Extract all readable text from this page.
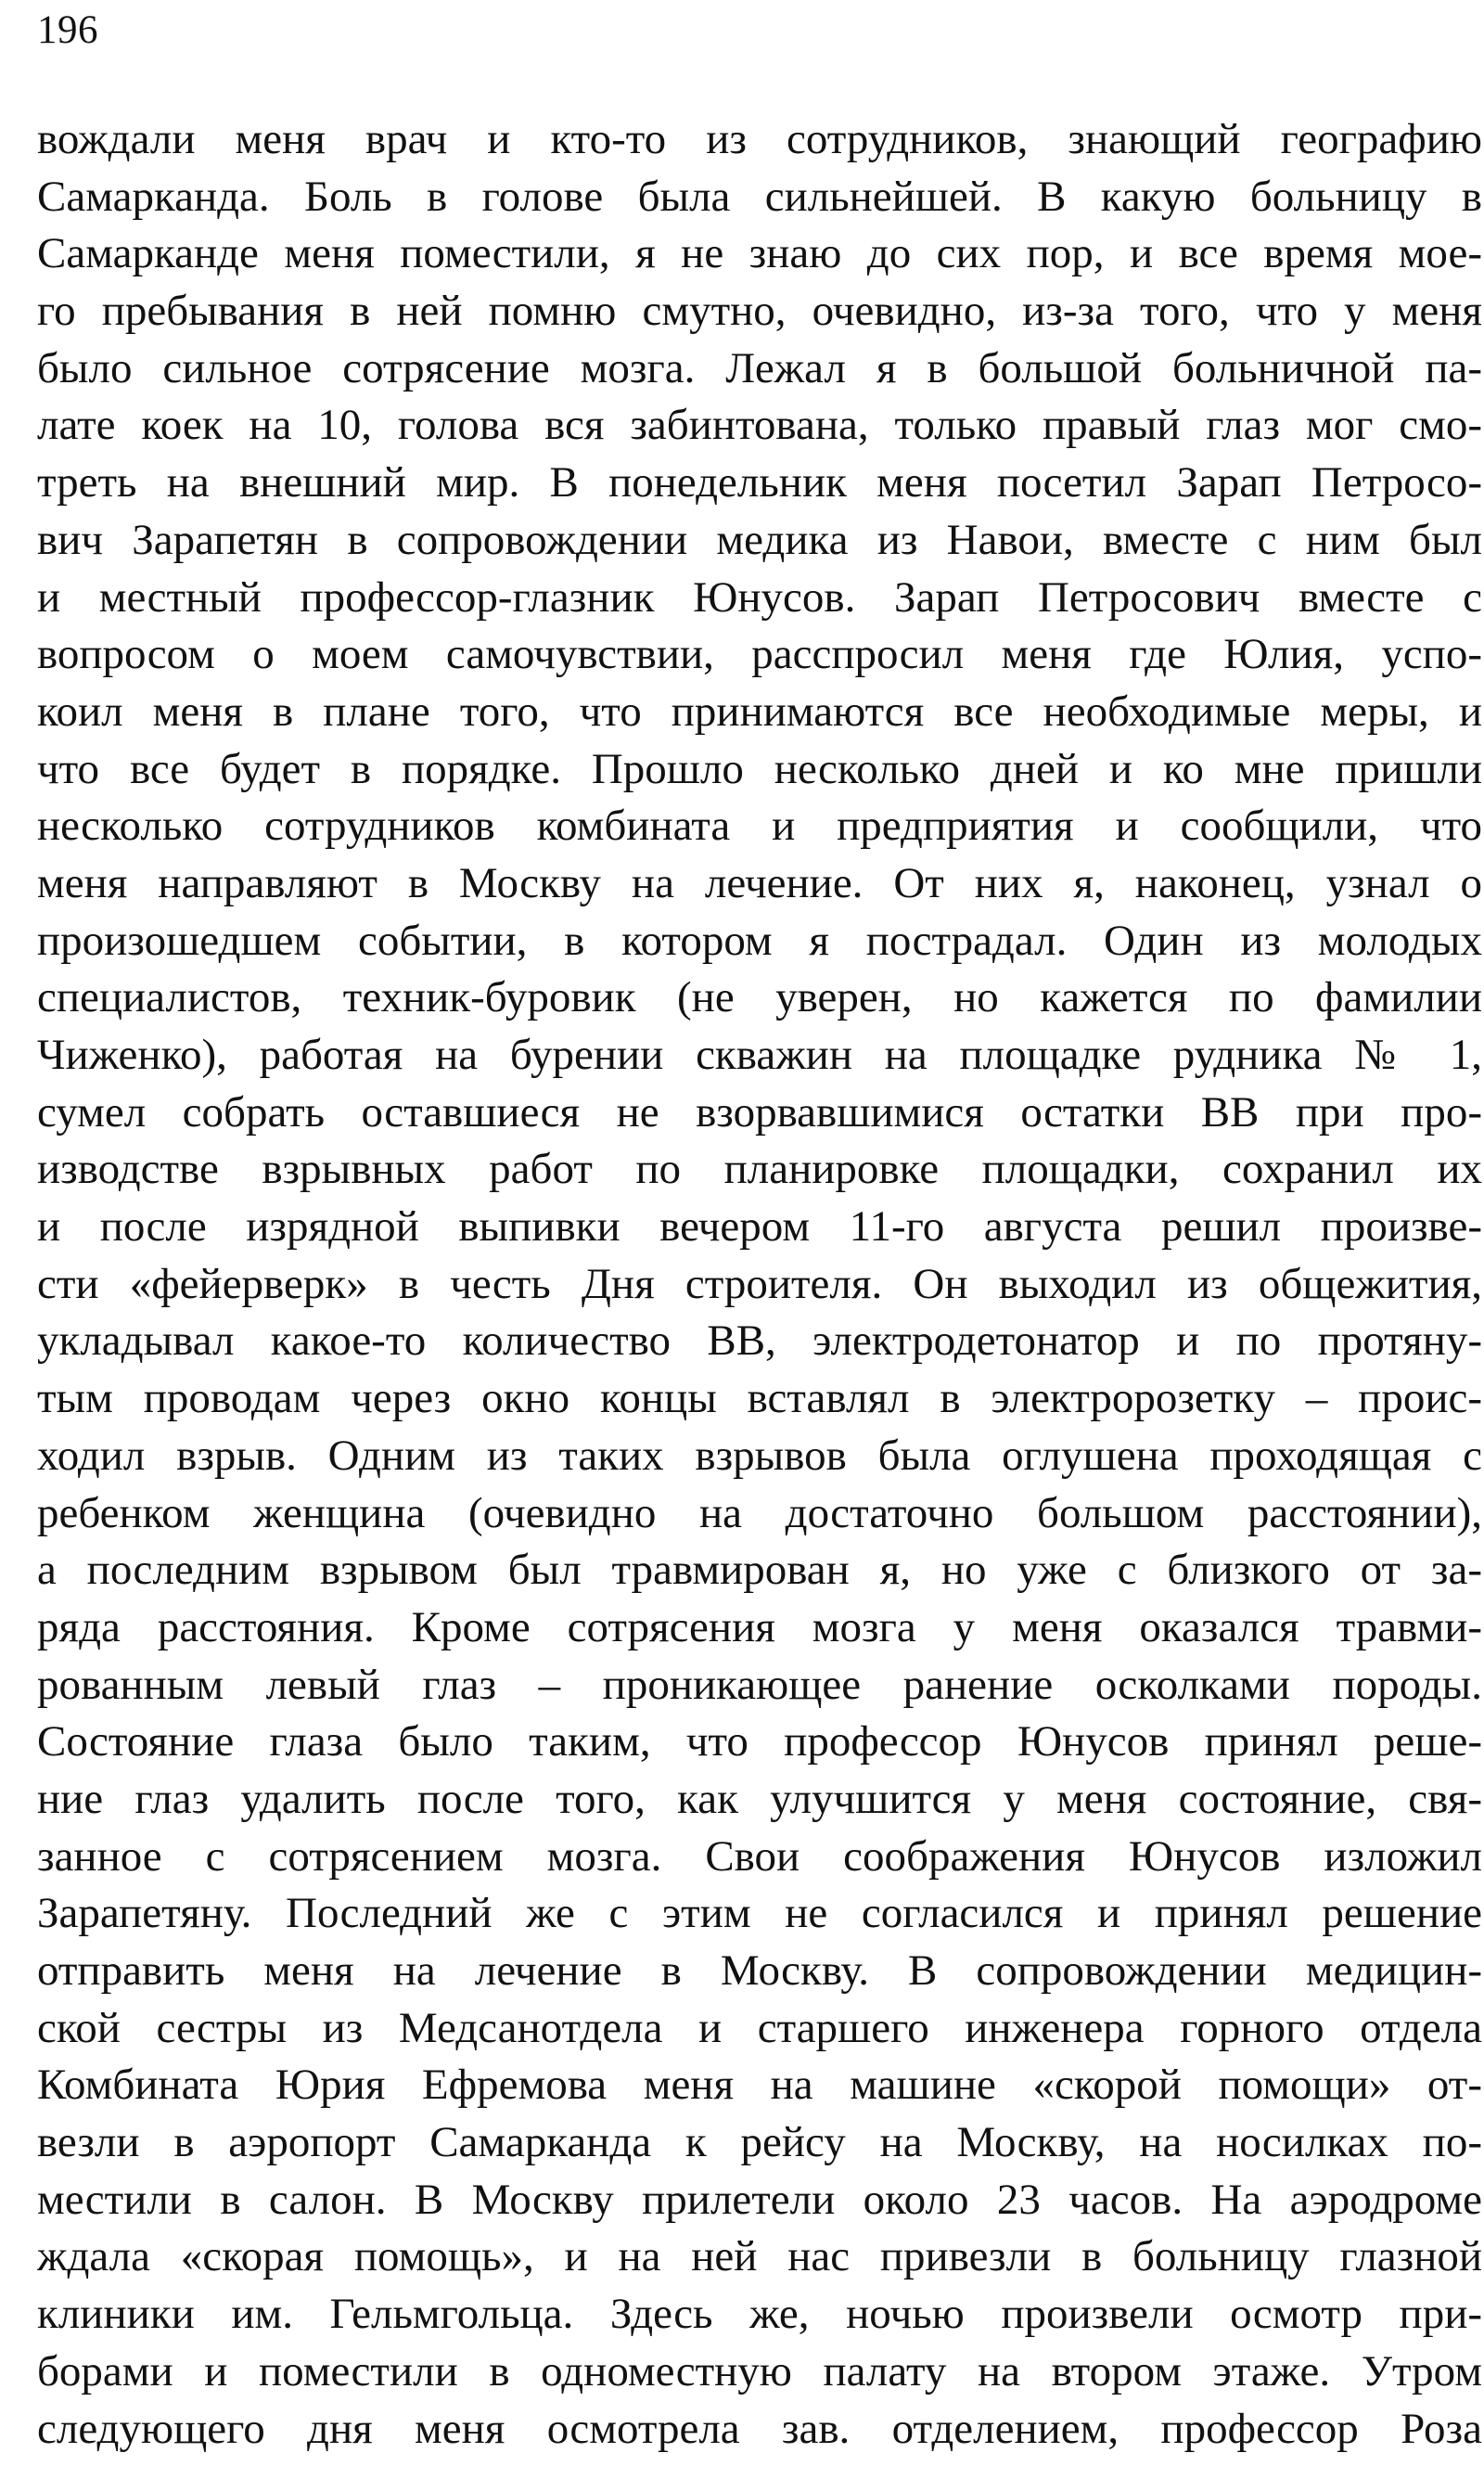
196
вождали меня врач и кто-то из сотрудников, знающий географию
Самарканда. Боль в голове была сильнейшей. В какую больницу в
Самарканде меня поместили, я не знаю до сих пор, и все время мое-
го пребывания в ней помню смутно, очевидно, из-за того, что у меня
было сильное сотрясение мозга. Лежал я в большой больничной па-
лате коек на 10, голова вся забинтована, только правый глаз мог смо-
треть на внешний мир. В понедельник меня посетил Зарап Петросо-
вич Зарапетян в сопровождении медика из Навои, вместе с ним был
и местный профессор-глазник Юнусов. Зарап Петросович вместе с
вопросом о моем самочувствии, расспросил меня где Юлия, успо-
коил меня в плане того, что принимаются все необходимые меры, и
что все будет в порядке. Прошло несколько дней и ко мне пришли
несколько сотрудников комбината и предприятия и сообщили, что
меня направляют в Москву на лечение. От них я, наконец, узнал о
произошедшем событии, в котором я пострадал. Один из молодых
специалистов, техник-буровик (не уверен, но кажется по фамилии
Чиженко), работая на бурении скважин на площадке рудника № 1,
сумел собрать оставшиеся не взорвавшимися остатки ВВ при про-
изводстве взрывных работ по планировке площадки, сохранил их
и после изрядной выпивки вечером 11-го августа решил произве-
сти «фейерверк» в честь Дня строителя. Он выходил из общежития,
укладывал какое-то количество ВВ, электродетонатор и по протяну-
тым проводам через окно концы вставлял в электророзетку – проис-
ходил взрыв. Одним из таких взрывов была оглушена проходящая с
ребенком женщина (очевидно на достаточно большом расстоянии),
а последним взрывом был травмирован я, но уже с близкого от за-
ряда расстояния. Кроме сотрясения мозга у меня оказался травми-
рованным левый глаз – проникающее ранение осколками породы.
Состояние глаза было таким, что профессор Юнусов принял реше-
ние глаз удалить после того, как улучшится у меня состояние, свя-
занное с сотрясением мозга. Свои соображения Юнусов изложил
Зарапетяну. Последний же с этим не согласился и принял решение
отправить меня на лечение в Москву. В сопровождении медицин-
ской сестры из Медсанотдела и старшего инженера горного отдела
Комбината Юрия Ефремова меня на машине «скорой помощи» от-
везли в аэропорт Самарканда к рейсу на Москву, на носилках по-
местили в салон. В Москву прилетели около 23 часов. На аэродроме
ждала «скорая помощь», и на ней нас привезли в больницу глазной
клиники им. Гельмгольца. Здесь же, ночью произвели осмотр при-
борами и поместили в одноместную палату на втором этаже. Утром
следующего дня меня осмотрела зав. отделением, профессор Роза
